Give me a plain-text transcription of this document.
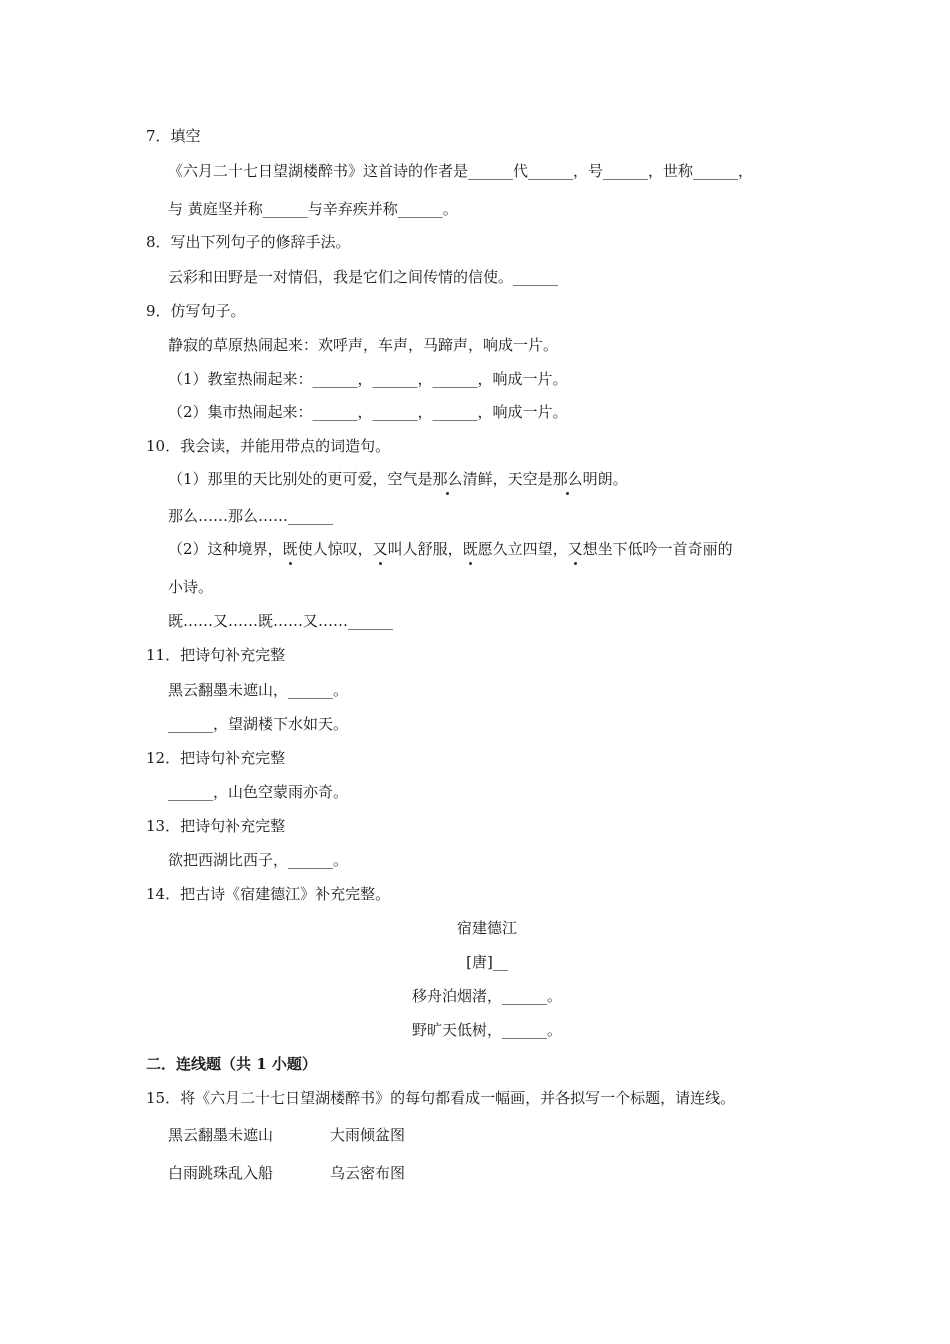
7．填空
《六月二十七日望湖楼醉书》这首诗的作者是______代______，号______，世称______，
与 黄庭坚并称______与辛弃疾并称______。
8．写出下列句子的修辞手法。
云彩和田野是一对情侣，我是它们之间传情的信使。______
9．仿写句子。
静寂的草原热闹起来：欢呼声，车声，马蹄声，响成一片。
（1）教室热闹起来：______，______，______，响成一片。
（2）集市热闹起来：______，______，______，响成一片。
10．我会读，并能用带点的词造句。
（1）那里的天比别处的更可爱，空气是那么清鲜，天空是那么明朗。
那么……那么……______
（2）这种境界，既使人惊叹，又叫人舒服，既愿久立四望，又想坐下低吟一首奇丽的
小诗。
既……又……既……又……______
11．把诗句补充完整
黑云翻墨未遮山，______。
______，望湖楼下水如天。
12．把诗句补充完整
______，山色空蒙雨亦奇。
13．把诗句补充完整
欲把西湖比西子，______。
14．把古诗《宿建德江》补充完整。
宿建德江
[唐]__
移舟泊烟渚，______。
野旷天低树，______。
二．连线题（共 1 小题）
15．将《六月二十七日望湖楼醉书》的每句都看成一幅画，并各拟写一个标题，请连线。
黑云翻墨未遮山	大雨倾盆图
白雨跳珠乱入船	乌云密布图
